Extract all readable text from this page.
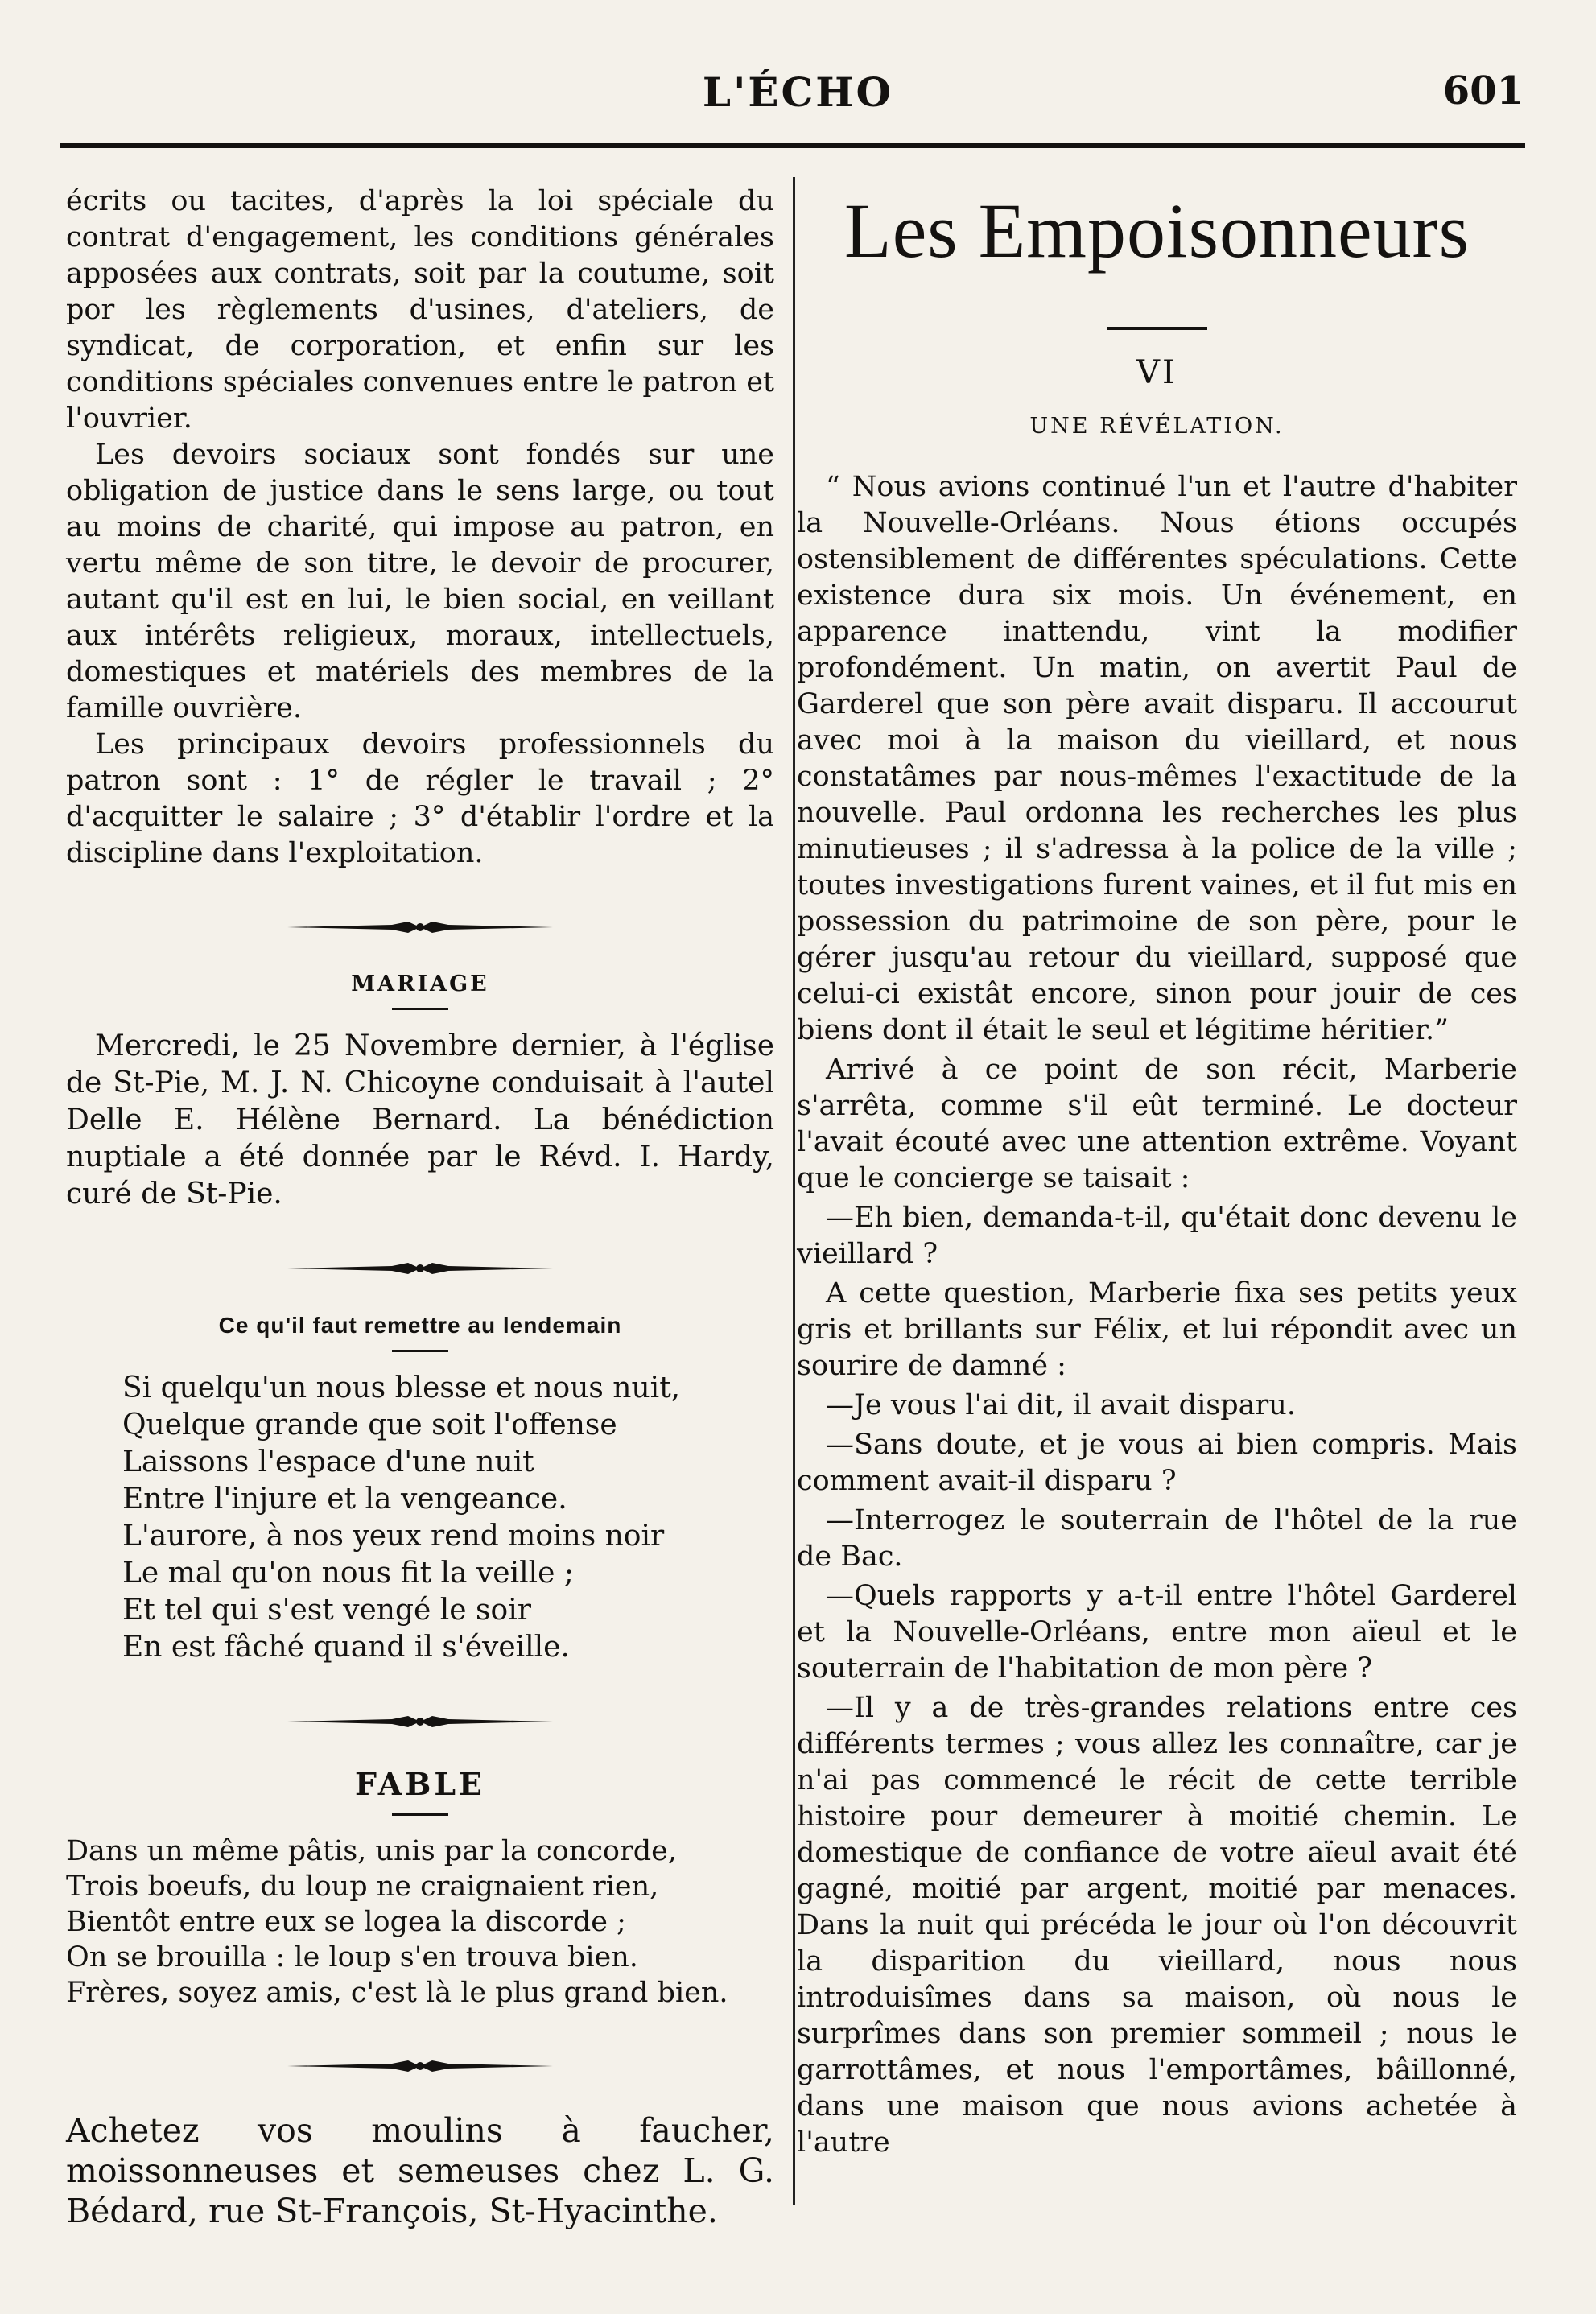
L'ÉCHO	601

écrits ou tacites, d'après la loi spéciale du contrat d'engagement, les conditions générales apposées aux contrats, soit par la coutume, soit por les règlements d'usines, d'ateliers, de syndicat, de corporation, et enfin sur les conditions spéciales convenues entre le patron et l'ouvrier.

Les devoirs sociaux sont fondés sur une obligation de justice dans le sens large, ou tout au moins de charité, qui impose au patron, en vertu même de son titre, le devoir de procurer, autant qu'il est en lui, le bien social, en veillant aux intérêts religieux, moraux, intellectuels, domestiques et matériels des membres de la famille ouvrière.

Les principaux devoirs professionnels du patron sont : 1° de régler le travail ; 2° d'acquitter le salaire ; 3° d'établir l'ordre et la discipline dans l'exploitation.

MARIAGE

Mercredi, le 25 Novembre dernier, à l'église de St-Pie, M. J. N. Chicoyne conduisait à l'autel Delle E. Hélène Bernard. La bénédiction nuptiale a été donnée par le Révd. I. Hardy, curé de St-Pie.

Ce qu'il faut remettre au lendemain
Si quelqu'un nous blesse et nous nuit,
Quelque grande que soit l'offense
Laissons l'espace d'une nuit
Entre l'injure et la vengeance.
L'aurore, à nos yeux rend moins noir
Le mal qu'on nous fit la veille ;
Et tel qui s'est vengé le soir
En est fâché quand il s'éveille.
FABLE
Dans un même pâtis, unis par la concorde,
Trois boeufs, du loup ne craignaient rien,
Bientôt entre eux se logea la discorde ;
On se brouilla : le loup s'en trouva bien.
Frères, soyez amis, c'est là le plus grand bien.

Achetez vos moulins à faucher, moissonneuses et semeuses chez L. G. Bédard, rue St-François, St-Hyacinthe.

Les Empoisonneurs
VI
UNE RÉVÉLATION.

“ Nous avions continué l'un et l'autre d'habiter la Nouvelle-Orléans. Nous étions occupés ostensiblement de différentes spéculations. Cette existence dura six mois. Un événement, en apparence inattendu, vint la modifier profondément. Un matin, on avertit Paul de Garderel que son père avait disparu. Il accourut avec moi à la maison du vieillard, et nous constatâmes par nous-mêmes l'exactitude de la nouvelle. Paul ordonna les recherches les plus minutieuses ; il s'adressa à la police de la ville ; toutes investigations furent vaines, et il fut mis en possession du patrimoine de son père, pour le gérer jusqu'au retour du vieillard, supposé que celui-ci existât encore, sinon pour jouir de ces biens dont il était le seul et légitime héritier.”

Arrivé à ce point de son récit, Marberie s'arrêta, comme s'il eût terminé. Le docteur l'avait écouté avec une attention extrême. Voyant que le concierge se taisait :

—Eh bien, demanda-t-il, qu'était donc devenu le vieillard ?

A cette question, Marberie fixa ses petits yeux gris et brillants sur Félix, et lui répondit avec un sourire de damné :

—Je vous l'ai dit, il avait disparu.

—Sans doute, et je vous ai bien compris. Mais comment avait-il disparu ?

—Interrogez le souterrain de l'hôtel de la rue de Bac.

—Quels rapports y a-t-il entre l'hôtel Garderel et la Nouvelle-Orléans, entre mon aïeul et le souterrain de l'habitation de mon père ?

—Il y a de très-grandes relations entre ces différents termes ; vous allez les connaître, car je n'ai pas commencé le récit de cette terrible histoire pour demeurer à moitié chemin. Le domestique de confiance de votre aïeul avait été gagné, moitié par argent, moitié par menaces. Dans la nuit qui précéda le jour où l'on découvrit la disparition du vieillard, nous nous introduisîmes dans sa maison, où nous le surprîmes dans son premier sommeil ; nous le garrottâmes, et nous l'emportâmes, bâillonné, dans une maison que nous avions achetée à l'autre
